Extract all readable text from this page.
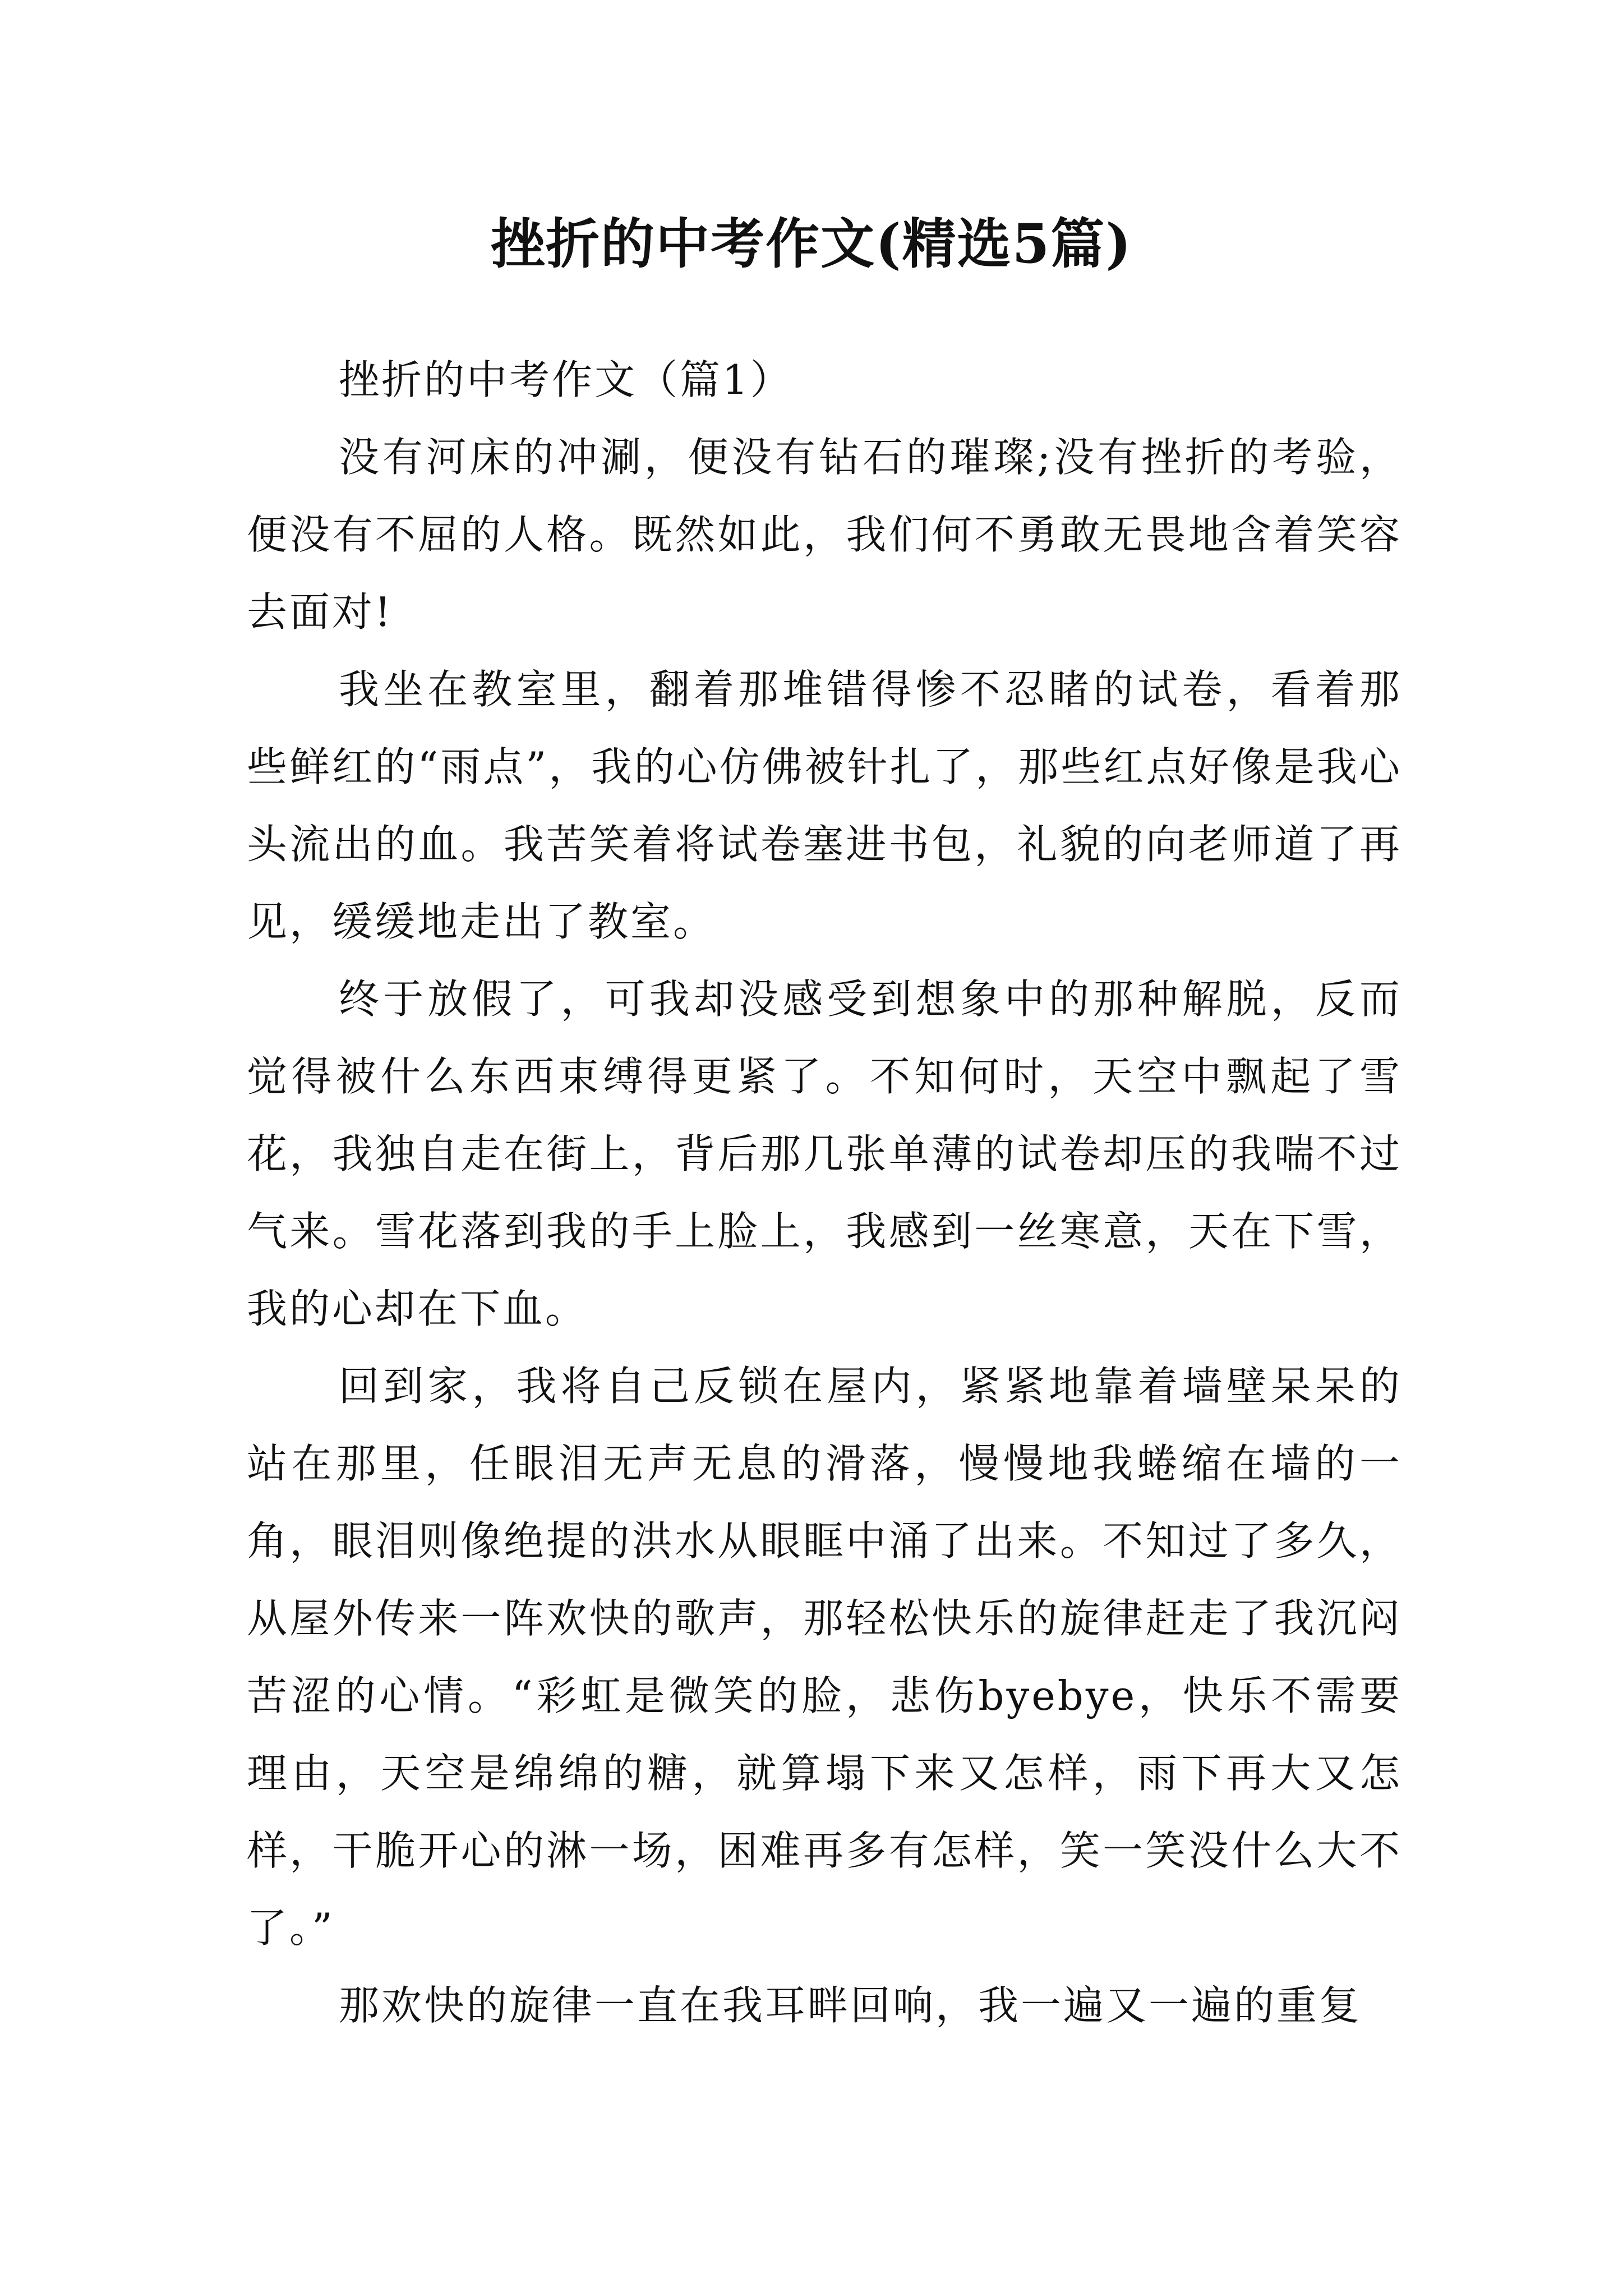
挫折的中考作文(精选5篇)

挫折的中考作文（篇1）

没有河床的冲涮，便没有钻石的璀璨;没有挫折的考验，便没有不屈的人格。既然如此，我们何不勇敢无畏地含着笑容去面对!

我坐在教室里，翻着那堆错得惨不忍睹的试卷，看着那些鲜红的“雨点”，我的心仿佛被针扎了，那些红点好像是我心头流出的血。我苦笑着将试卷塞进书包，礼貌的向老师道了再见，缓缓地走出了教室。

终于放假了，可我却没感受到想象中的那种解脱，反而觉得被什么东西束缚得更紧了。不知何时，天空中飘起了雪花，我独自走在街上，背后那几张单薄的试卷却压的我喘不过气来。雪花落到我的手上脸上，我感到一丝寒意，天在下雪，我的心却在下血。

回到家，我将自己反锁在屋内，紧紧地靠着墙壁呆呆的站在那里，任眼泪无声无息的滑落，慢慢地我蜷缩在墙的一角，眼泪则像绝提的洪水从眼眶中涌了出来。不知过了多久，从屋外传来一阵欢快的歌声，那轻松快乐的旋律赶走了我沉闷苦涩的心情。“彩虹是微笑的脸，悲伤byebye，快乐不需要理由，天空是绵绵的糖，就算塌下来又怎样，雨下再大又怎样，干脆开心的淋一场，困难再多有怎样，笑一笑没什么大不了。”

那欢快的旋律一直在我耳畔回响，我一遍又一遍的重复
